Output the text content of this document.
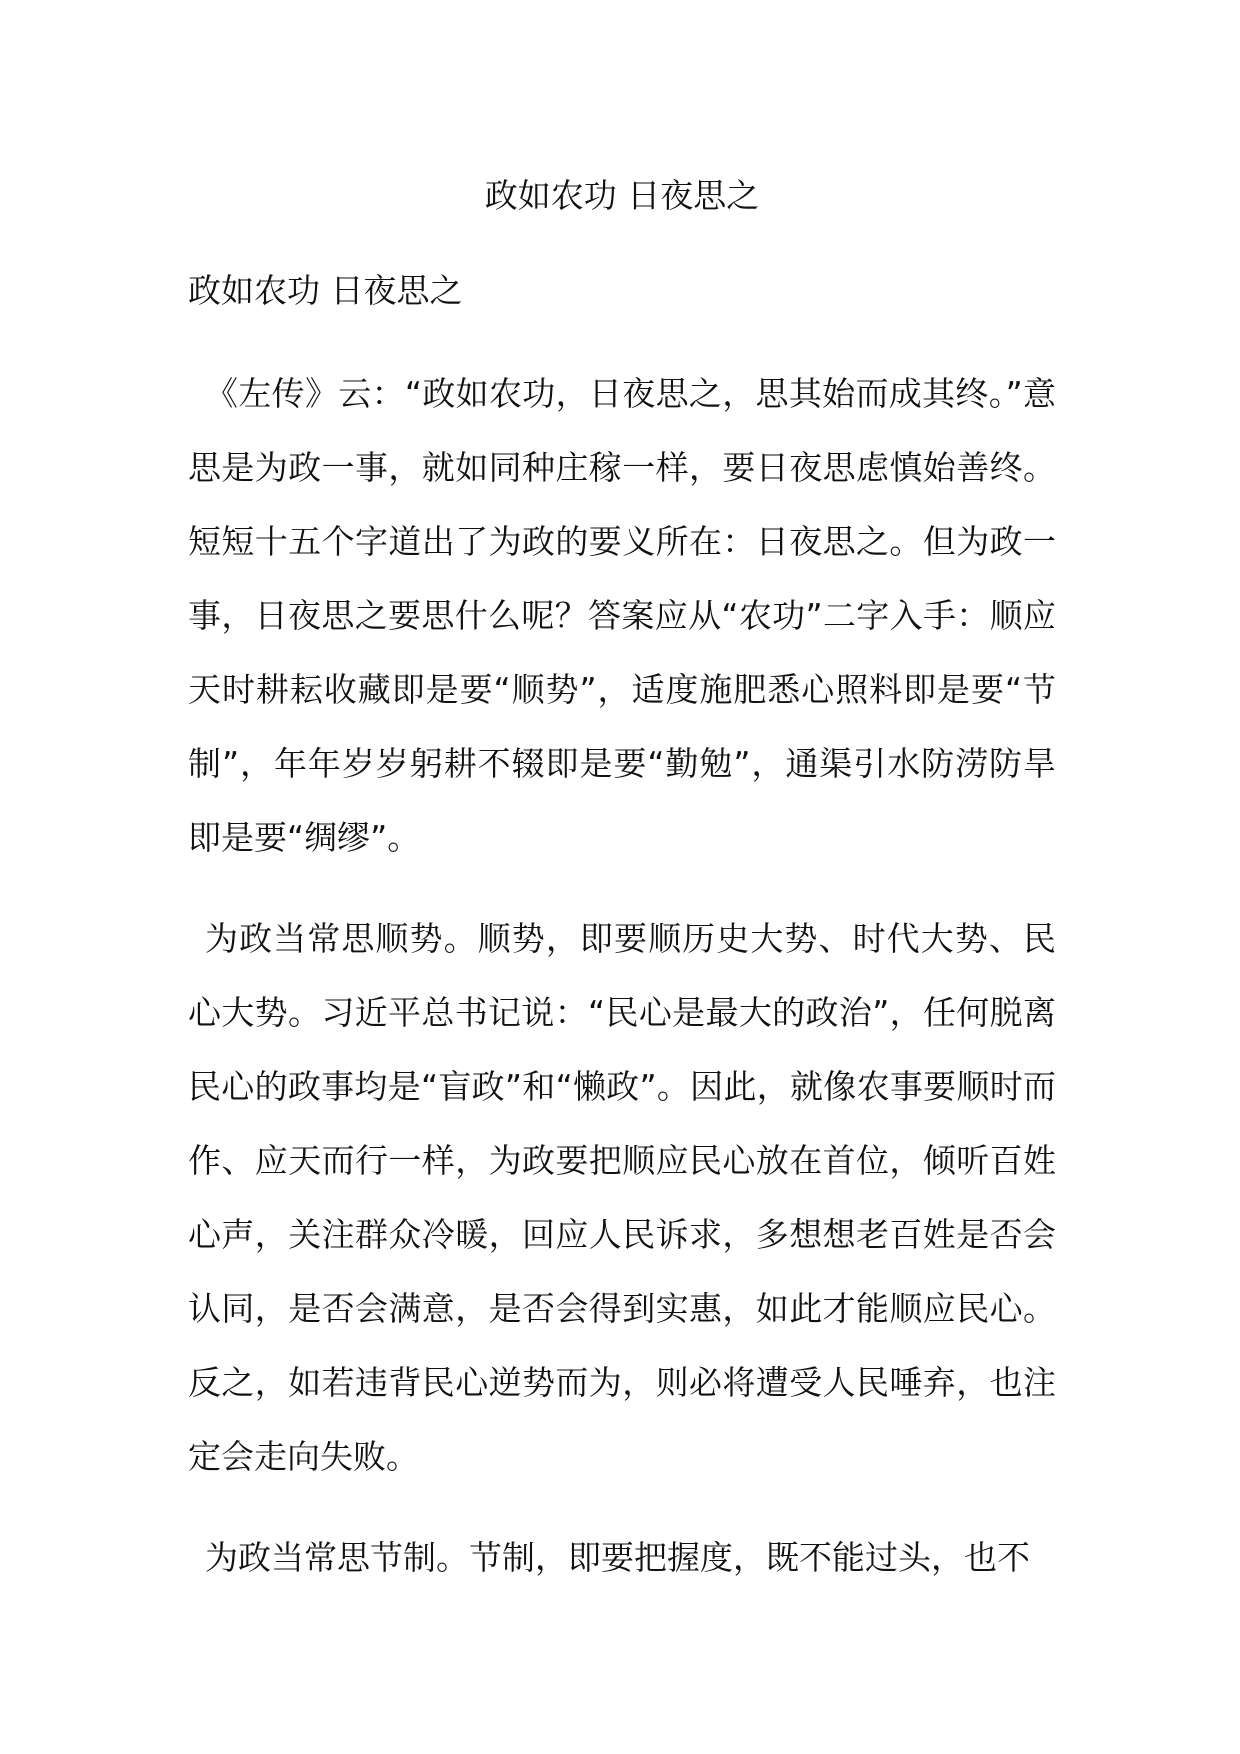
政如农功 日夜思之

政如农功 日夜思之

《左传》云：“政如农功，日夜思之，思其始而成其终。”意思是为政一事，就如同种庄稼一样，要日夜思虑慎始善终。短短十五个字道出了为政的要义所在：日夜思之。但为政一事，日夜思之要思什么呢？答案应从“农功”二字入手：顺应天时耕耘收藏即是要“顺势”，适度施肥悉心照料即是要“节制”，年年岁岁躬耕不辍即是要“勤勉”，通渠引水防涝防旱即是要“绸缪”。

为政当常思顺势。顺势，即要顺历史大势、时代大势、民心大势。习近平总书记说：“民心是最大的政治”，任何脱离民心的政事均是“盲政”和“懒政”。因此，就像农事要顺时而作、应天而行一样，为政要把顺应民心放在首位，倾听百姓心声，关注群众冷暖，回应人民诉求，多想想老百姓是否会认同，是否会满意，是否会得到实惠，如此才能顺应民心。反之，如若违背民心逆势而为，则必将遭受人民唾弃，也注定会走向失败。

为政当常思节制。节制，即要把握度，既不能过头，也不
